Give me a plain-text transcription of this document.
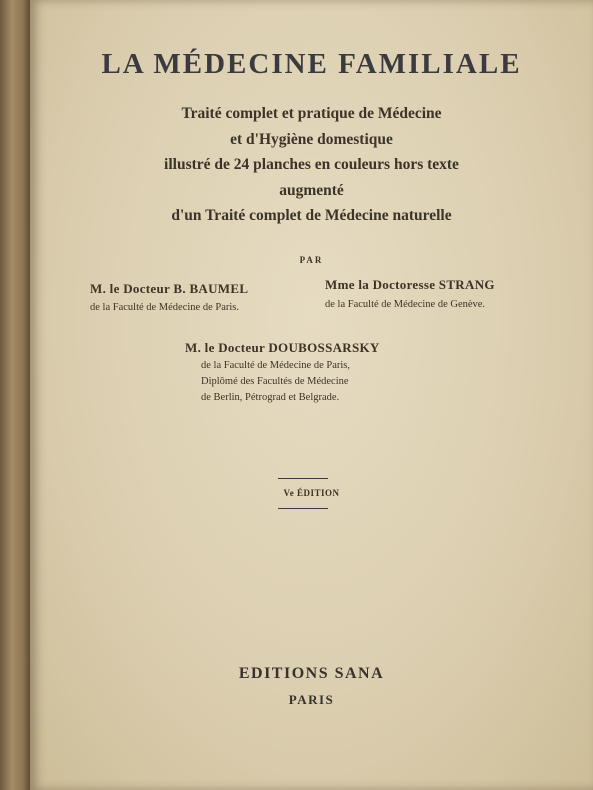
LA MÉDECINE FAMILIALE
Traité complet et pratique de Médecine
et d'Hygiène domestique
illustré de 24 planches en couleurs hors texte
augmenté
d'un Traité complet de Médecine naturelle
PAR
M. le Docteur B. BAUMEL
de la Faculté de Médecine de Paris.
Mme la Doctoresse STRANG
de la Faculté de Médecine de Genève.
M. le Docteur DOUBOSSARSKY
de la Faculté de Médecine de Paris,
Diplômé des Facultés de Médecine
de Berlin, Pétrograd et Belgrade.
Ve ÉDITION
EDITIONS SANA
PARIS
